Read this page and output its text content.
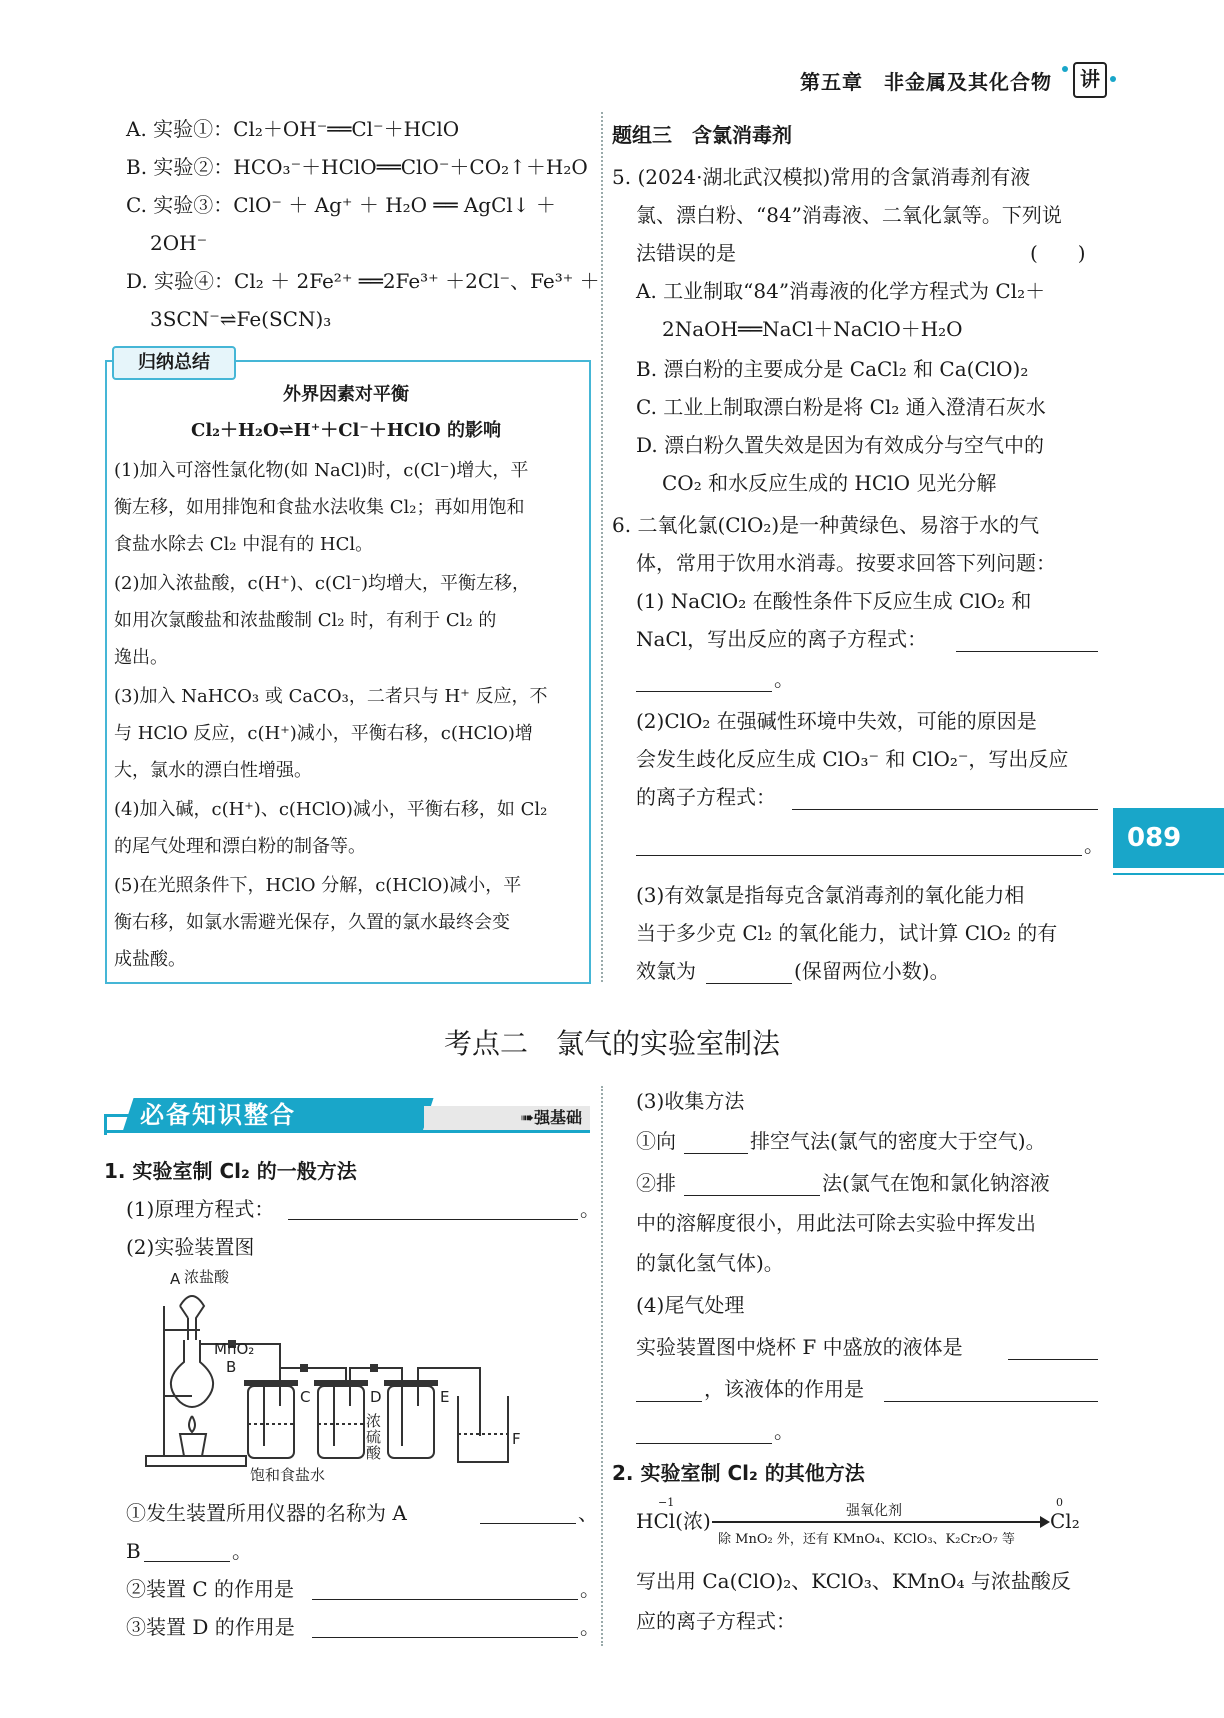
第五章　非金属及其化合物	讲
A. 实验①：Cl₂＋OH⁻══Cl⁻＋HClO
B. 实验②：HCO₃⁻＋HClO══ClO⁻＋CO₂↑＋H₂O
C. 实验③：ClO⁻ ＋ Ag⁺ ＋ H₂O ══ AgCl↓ ＋
2OH⁻
D. 实验④：Cl₂ ＋ 2Fe²⁺ ══2Fe³⁺ ＋2Cl⁻、Fe³⁺ ＋
3SCN⁻⇌Fe(SCN)₃
归纳总结
外界因素对平衡
Cl₂＋H₂O⇌H⁺＋Cl⁻＋HClO 的影响
(1)加入可溶性氯化物(如 NaCl)时，c(Cl⁻)增大，平
衡左移，如用排饱和食盐水法收集 Cl₂；再如用饱和
食盐水除去 Cl₂ 中混有的 HCl。
(2)加入浓盐酸，c(H⁺)、c(Cl⁻)均增大，平衡左移，
如用次氯酸盐和浓盐酸制 Cl₂ 时，有利于 Cl₂ 的
逸出。
(3)加入 NaHCO₃ 或 CaCO₃，二者只与 H⁺ 反应，不
与 HClO 反应，c(H⁺)减小，平衡右移，c(HClO)增
大，氯水的漂白性增强。
(4)加入碱，c(H⁺)、c(HClO)减小，平衡右移，如 Cl₂
的尾气处理和漂白粉的制备等。
(5)在光照条件下，HClO 分解，c(HClO)减小，平
衡右移，如氯水需避光保存，久置的氯水最终会变
成盐酸。
题组三　含氯消毒剂
5. (2024·湖北武汉模拟)常用的含氯消毒剂有液
氯、漂白粉、“84”消毒液、二氧化氯等。下列说
法错误的是	(　　)
A. 工业制取“84”消毒液的化学方程式为 Cl₂＋
2NaOH══NaCl＋NaClO＋H₂O
B. 漂白粉的主要成分是 CaCl₂ 和 Ca(ClO)₂
C. 工业上制取漂白粉是将 Cl₂ 通入澄清石灰水
D. 漂白粉久置失效是因为有效成分与空气中的
CO₂ 和水反应生成的 HClO 见光分解
6. 二氧化氯(ClO₂)是一种黄绿色、易溶于水的气
体，常用于饮用水消毒。按要求回答下列问题：
(1) NaClO₂ 在酸性条件下反应生成 ClO₂ 和
NaCl，写出反应的离子方程式：
。
(2)ClO₂ 在强碱性环境中失效，可能的原因是
会发生歧化反应生成 ClO₃⁻ 和 ClO₂⁻，写出反应
的离子方程式：
。
(3)有效氯是指每克含氯消毒剂的氧化能力相
当于多少克 Cl₂ 的氧化能力，试计算 ClO₂ 的有
效氯为	(保留两位小数)。
089
考点二　氯气的实验室制法
必备知识整合	➠强基础
1. 实验室制 Cl₂ 的一般方法
(1)原理方程式：	。
(2)实验装置图
A 浓盐酸
MnO₂
B
C	D	E
F
饱和食盐水
浓
硫
酸
①发生装置所用仪器的名称为 A	、
B	。
②装置 C 的作用是	。
③装置 D 的作用是	。
(3)收集方法
①向	排空气法(氯气的密度大于空气)。
②排	法(氯气在饱和氯化钠溶液
中的溶解度很小，用此法可除去实验中挥发出
的氯化氢气体)。
(4)尾气处理
实验装置图中烧杯 F 中盛放的液体是
，该液体的作用是
。
2. 实验室制 Cl₂ 的其他方法
−1
HCl(浓)	强氧化剂
除 MnO₂ 外，还有 KMnO₄、KClO₃、K₂Cr₂O₇ 等
0
Cl₂
写出用 Ca(ClO)₂、KClO₃、KMnO₄ 与浓盐酸反
应的离子方程式：
